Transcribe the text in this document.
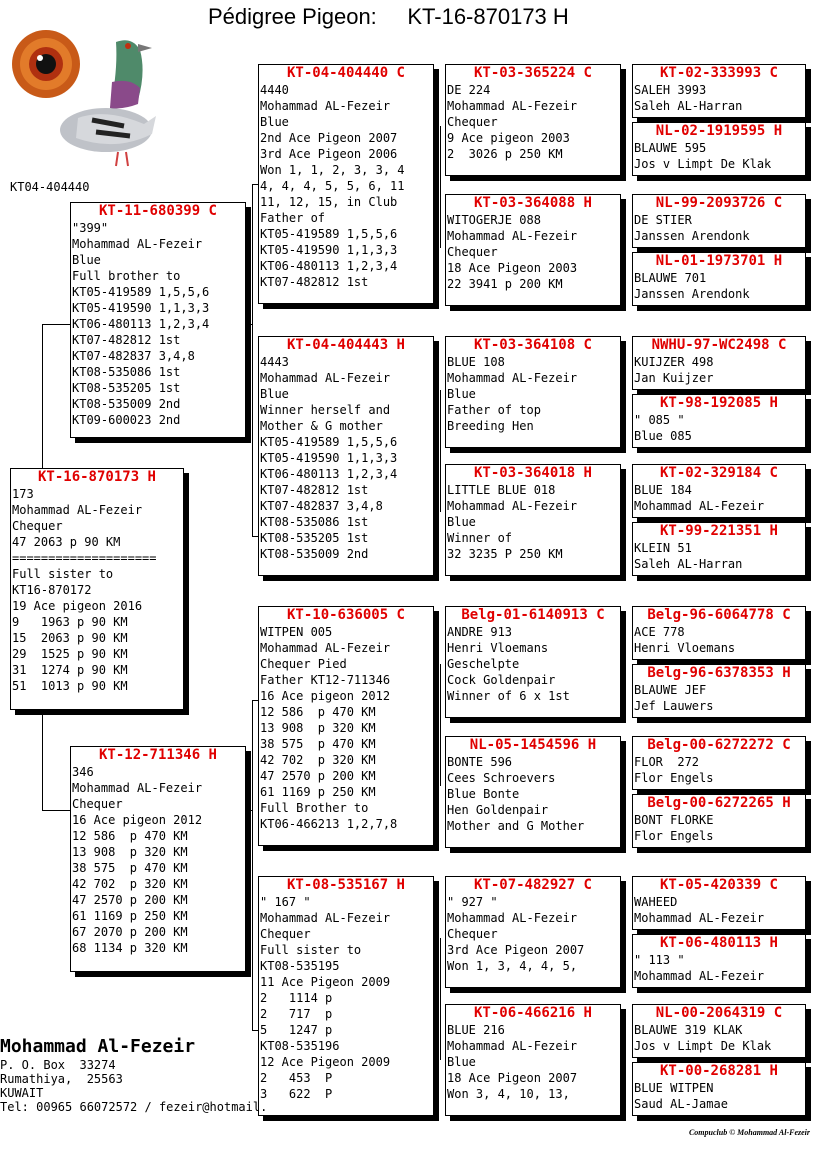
Pédigree Pigeon:     KT-16-870173 H
KT04-404440
KT-16-870173 H
173
Mohammad AL-Fezeir
Chequer
47 2063 p 90 KM
====================
Full sister to
KT16-870172
19 Ace pigeon 2016
9   1963 p 90 KM
15  2063 p 90 KM
29  1525 p 90 KM
31  1274 p 90 KM
51  1013 p 90 KM
KT-11-680399 C
"399"
Mohammad AL-Fezeir
Blue
Full brother to
KT05-419589 1,5,5,6
KT05-419590 1,1,3,3
KT06-480113 1,2,3,4
KT07-482812 1st
KT07-482837 3,4,8
KT08-535086 1st
KT08-535205 1st
KT08-535009 2nd
KT09-600023 2nd
KT-12-711346 H
346
Mohammad AL-Fezeir
Chequer
16 Ace pigeon 2012
12 586  p 470 KM
13 908  p 320 KM
38 575  p 470 KM
42 702  p 320 KM
47 2570 p 200 KM
61 1169 p 250 KM
67 2070 p 200 KM
68 1134 p 320 KM
KT-04-404440 C
4440
Mohammad AL-Fezeir
Blue
2nd Ace Pigeon 2007
3rd Ace Pigeon 2006
Won 1, 1, 2, 3, 3, 4
4, 4, 4, 5, 5, 6, 11
11, 12, 15, in Club
Father of
KT05-419589 1,5,5,6
KT05-419590 1,1,3,3
KT06-480113 1,2,3,4
KT07-482812 1st
KT-04-404443 H
4443
Mohammad AL-Fezeir
Blue
Winner herself and
Mother & G mother
KT05-419589 1,5,5,6
KT05-419590 1,1,3,3
KT06-480113 1,2,3,4
KT07-482812 1st
KT07-482837 3,4,8
KT08-535086 1st
KT08-535205 1st
KT08-535009 2nd
KT-10-636005 C
WITPEN 005
Mohammad AL-Fezeir
Chequer Pied
Father KT12-711346
16 Ace pigeon 2012
12 586  p 470 KM
13 908  p 320 KM
38 575  p 470 KM
42 702  p 320 KM
47 2570 p 200 KM
61 1169 p 250 KM
Full Brother to
KT06-466213 1,2,7,8
KT-08-535167 H
" 167 "
Mohammad AL-Fezeir
Chequer
Full sister to
KT08-535195
11 Ace Pigeon 2009
2   1114 p
2   717  p
5   1247 p
KT08-535196
12 Ace Pigeon 2009
2   453  P
3   622  P
KT-03-365224 C
DE 224
Mohammad AL-Fezeir
Chequer
9 Ace pigeon 2003
2  3026 p 250 KM
KT-03-364088 H
WITOGERJE 088
Mohammad AL-Fezeir
Chequer
18 Ace Pigeon 2003
22 3941 p 200 KM
KT-03-364108 C
BLUE 108
Mohammad AL-Fezeir
Blue
Father of top
Breeding Hen
KT-03-364018 H
LITTLE BLUE 018
Mohammad AL-Fezeir
Blue
Winner of
32 3235 P 250 KM
Belg-01-6140913 C
ANDRE 913
Henri Vloemans
Geschelpte
Cock Goldenpair
Winner of 6 x 1st
NL-05-1454596 H
BONTE 596
Cees Schroevers
Blue Bonte
Hen Goldenpair
Mother and G Mother
KT-07-482927 C
" 927 "
Mohammad AL-Fezeir
Chequer
3rd Ace Pigeon 2007
Won 1, 3, 4, 4, 5,
KT-06-466216 H
BLUE 216
Mohammad AL-Fezeir
Blue
18 Ace Pigeon 2007
Won 3, 4, 10, 13,
KT-02-333993 C
SALEH 3993
Saleh AL-Harran
NL-02-1919595 H
BLAUWE 595
Jos v Limpt De Klak
NL-99-2093726 C
DE STIER
Janssen Arendonk
NL-01-1973701 H
BLAUWE 701
Janssen Arendonk
NWHU-97-WC2498 C
KUIJZER 498
Jan Kuijzer
KT-98-192085 H
" 085 "
Blue 085
KT-02-329184 C
BLUE 184
Mohammad AL-Fezeir
KT-99-221351 H
KLEIN 51
Saleh AL-Harran
Belg-96-6064778 C
ACE 778
Henri Vloemans
Belg-96-6378353 H
BLAUWE JEF
Jef Lauwers
Belg-00-6272272 C
FLOR  272
Flor Engels
Belg-00-6272265 H
BONT FLORKE
Flor Engels
KT-05-420339 C
WAHEED
Mohammad AL-Fezeir
KT-06-480113 H
" 113 "
Mohammad AL-Fezeir
NL-00-2064319 C
BLAUWE 319 KLAK
Jos v Limpt De Klak
KT-00-268281 H
BLUE WITPEN
Saud AL-Jamae
Mohammad Al-Fezeir
P. O. Box  33274
Rumathiya,  25563
KUWAIT
Tel: 00965 66072572 / fezeir@hotmail.
Compuclub © Mohammad Al-Fezeir
